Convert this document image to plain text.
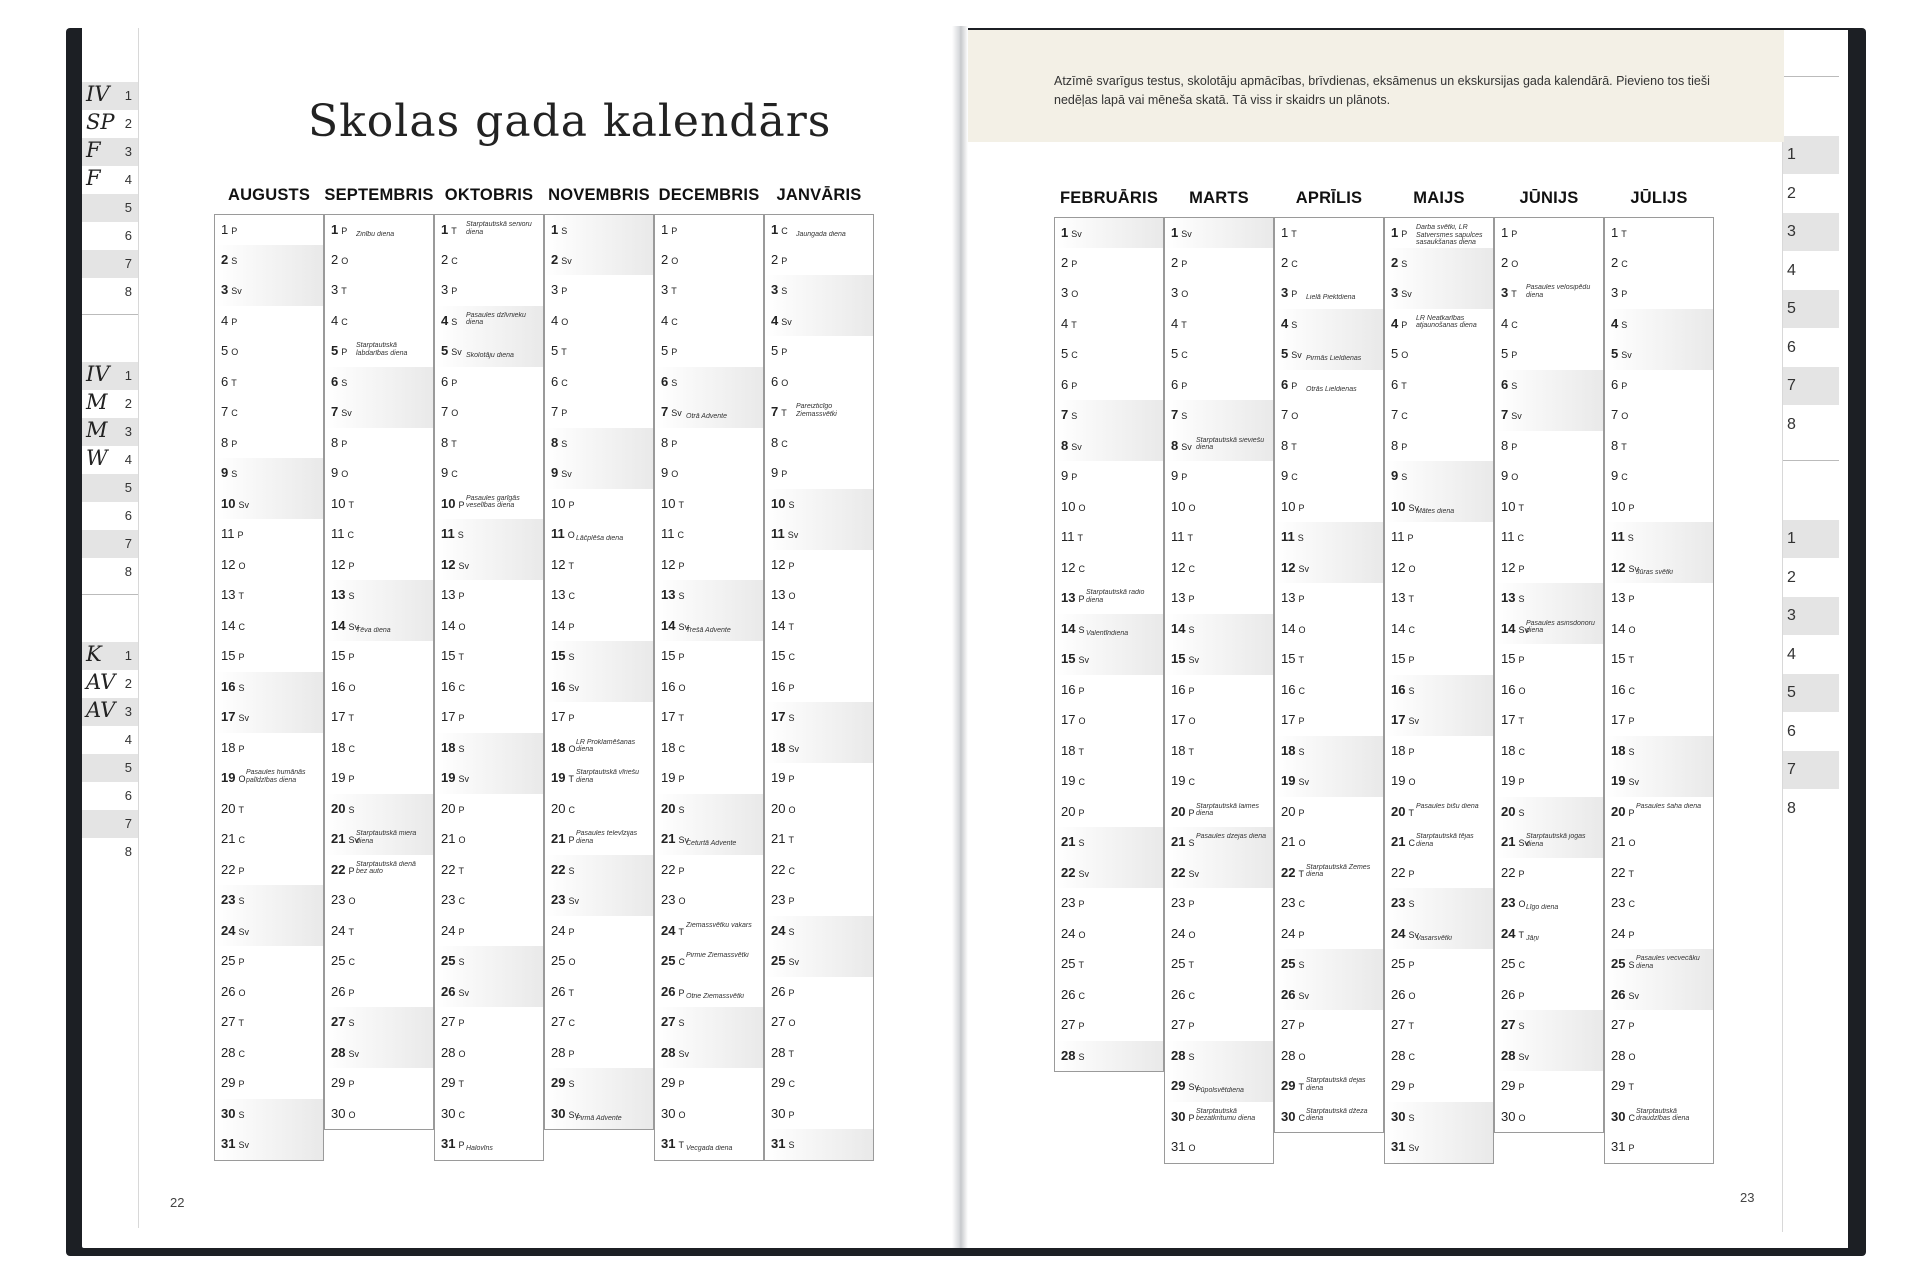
IV 1
SP 2
F 3
F 4
5
6
7
8
IV 1
M 2
M 3
W 4
5
6
7
8
K 1
AV 2
AV 3
4
5
6
7
8
1
2
3
4
5
6
7
8
1
2
3
4
5
6
7
8
Skolas gada kalendārs
Atzīmē svarīgus testus, skolotāju apmācības, brīvdienas, eksāmenus un ekskursijas gada kalendārā. Pievieno tos tieši nedēļas lapā vai mēneša skatā. Tā viss ir skaidrs un plānots.
22	23
AUGUSTS
1 P
2 S
3 Sv
4 P
5 O
6 T
7 C
8 P
9 S
10 Sv
11 P
12 O
13 T
14 C
15 P
16 S
17 Sv
18 P
19 O
Pasaules humānās palīdzības diena
20 T
21 C
22 P
23 S
24 Sv
25 P
26 O
27 T
28 C
29 P
30 S
31 Sv
SEPTEMBRIS
1 P Zinību diena
2 O
3 T
4 C
5 P
Starptautiskā labdarības diena
6 S
7 Sv
8 P
9 O
10 T
11 C
12 P
13 S
14 Sv
Tēva diena
15 P
16 O
17 T
18 C
19 P
20 S
21 Sv
Starptautiskā miera diena
22 P
Starptautiskā dienā bez auto
23 O
24 T
25 C
26 P
27 S
28 Sv
29 P
30 O
OKTOBRIS
1 T
Starptautiskā senioru diena
2 C
3 P
4 S
Pasaules dzīvnieku diena
5 Sv Skolotāju diena
6 P
7 O
8 T
9 C
10 P
Pasaules garīgās veselības diena
11 S
12 Sv
13 P
14 O
15 T
16 C
17 P
18 S
19 Sv
20 P
21 O
22 T
23 C
24 P
25 S
26 Sv
27 P
28 O
29 T
30 C
31 P Halovīns
NOVEMBRIS
1 S
2 Sv
3 P
4 O
5 T
6 C
7 P
8 S
9 Sv
10 P
11 O Lāčplēša diena
12 T
13 C
14 P
15 S
16 Sv
17 P
18 O
LR Proklamēšanas diena
19 T
Starptautiskā vīriešu diena
20 C
21 P
Pasaules televīzijas diena
22 S
23 Sv
24 P
25 O
26 T
27 C
28 P
29 S
30 Sv
Pirmā Advente
DECEMBRIS
1 P
2 O
3 T
4 C
5 P
6 S
7 Sv Otrā Advente
8 P
9 O
10 T
11 C
12 P
13 S
14 Sv
Trešā Advente
15 P
16 O
17 T
18 C
19 P
20 S
21 Sv
Ceturtā Advente
22 P
23 O
24 T
Ziemassvētku vakars
25 C
Pirmie Ziemassvētki
26 P Otrie Ziemassvētki
27 S
28 Sv
29 P
30 O
31 T Vecgada diena
JANVĀRIS
1 C Jaungada diena
2 P
3 S
4 Sv
5 P
6 O
7 T
Pareizticīgo Ziemassvētki
8 C
9 P
10 S
11 Sv
12 P
13 O
14 T
15 C
16 P
17 S
18 Sv
19 P
20 O
21 T
22 C
23 P
24 S
25 Sv
26 P
27 O
28 T
29 C
30 P
31 S
FEBRUĀRIS
1 Sv
2 P
3 O
4 T
5 C
6 P
7 S
8 Sv
9 P
10 O
11 T
12 C
13 P
Starptautiskā radio diena
14 S Valentīndiena
15 Sv
16 P
17 O
18 T
19 C
20 P
21 S
22 Sv
23 P
24 O
25 T
26 C
27 P
28 S
MARTS
1 Sv
2 P
3 O
4 T
5 C
6 P
7 S
8 Sv
Starptautiskā sieviešu diena
9 P
10 O
11 T
12 C
13 P
14 S
15 Sv
16 P
17 O
18 T
19 C
20 P
Starptautiskā laimes diena
21 S
Pasaules dzejas diena
22 Sv
23 P
24 O
25 T
26 C
27 P
28 S
29 Sv
Pūpolsvētdiena
30 P
Starptautiskā bezatkritumu diena
31 O
APRĪLIS
1 T
2 C
3 P Lielā Piektdiena
4 S
5 Sv Pirmās Lieldienas
6 P Otrās Lieldienas
7 O
8 T
9 C
10 P
11 S
12 Sv
13 P
14 O
15 T
16 C
17 P
18 S
19 Sv
20 P
21 O
22 T
Starptautiskā Zemes diena
23 C
24 P
25 S
26 Sv
27 P
28 O
29 T
Starptautiskā dejas diena
30 C
Starptautiskā džeza diena
MAIJS
1 P
Darba svētki, LR Satversmes sapulces sasaukšanas diena
2 S
3 Sv
4 P
LR Neatkarības atjaunošanas diena
5 O
6 T
7 C
8 P
9 S
10 Sv
Mātes diena
11 P
12 O
13 T
14 C
15 P
16 S
17 Sv
18 P
19 O
20 T
Pasaules biš̄u diena
21 C
Starptautiskā tējas diena
22 P
23 S
24 Sv
Vasarsvētki
25 P
26 O
27 T
28 C
29 P
30 S
31 Sv
JŪNIJS
1 P
2 O
3 T
Pasaules velosipēdu diena
4 C
5 P
6 S
7 Sv
8 P
9 O
10 T
11 C
12 P
13 S
14 Sv
Pasaules asinsdonoru diena
15 P
16 O
17 T
18 C
19 P
20 S
21 Sv
Starptautiskā jogas diena
22 P
23 O Līgo diena
24 T Jāņi
25 C
26 P
27 S
28 Sv
29 P
30 O
JŪLIJS
1 T
2 C
3 P
4 S
5 Sv
6 P
7 O
8 T
9 C
10 P
11 S
12 Sv
Jūras svētki
13 P
14 O
15 T
16 C
17 P
18 S
19 Sv
20 P
Pasaules šaha diena
21 O
22 T
23 C
24 P
25 S
Pasaules vecvecāku diena
26 Sv
27 P
28 O
29 T
30 C
Starptautiskā draudzības diena
31 P
